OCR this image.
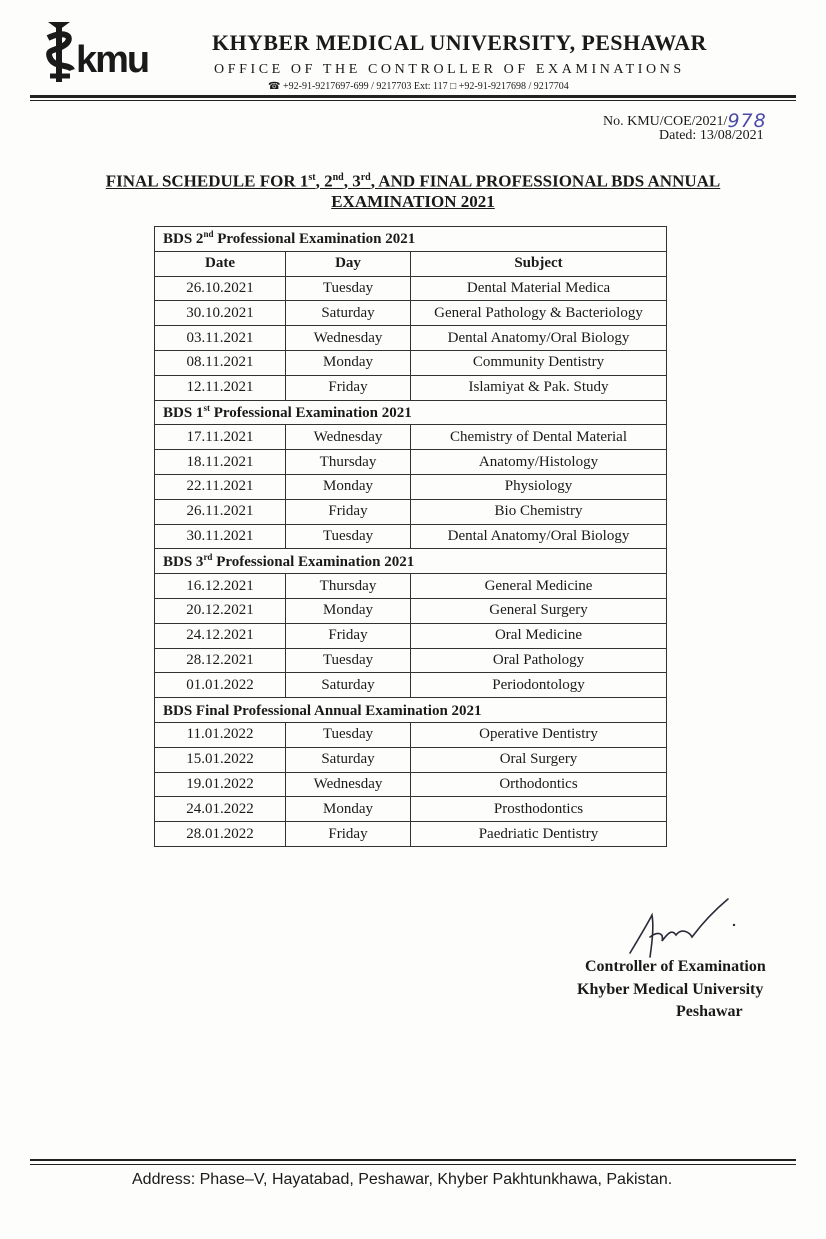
kmu	KHYBER MEDICAL UNIVERSITY, PESHAWAR
OFFICE OF THE CONTROLLER OF EXAMINATIONS
☎ +92-91-9217697-699 / 9217703 Ext: 117 □ +92-91-9217698 / 9217704
No. KMU/COE/2021/978
Dated: 13/08/2021
FINAL SCHEDULE FOR 1st, 2nd, 3rd, AND FINAL PROFESSIONAL BDS ANNUAL
EXAMINATION 2021
BDS 2nd Professional Examination 2021		
Date	Day	Subject
26.10.2021	Tuesday	Dental Material Medica
30.10.2021	Saturday	General Pathology & Bacteriology
03.11.2021	Wednesday	Dental Anatomy/Oral Biology
08.11.2021	Monday	Community Dentistry
12.11.2021	Friday	Islamiyat & Pak. Study
BDS 1st Professional Examination 2021		
17.11.2021	Wednesday	Chemistry of Dental Material
18.11.2021	Thursday	Anatomy/Histology
22.11.2021	Monday	Physiology
26.11.2021	Friday	Bio Chemistry
30.11.2021	Tuesday	Dental Anatomy/Oral Biology
BDS 3rd Professional Examination 2021		
16.12.2021	Thursday	General Medicine
20.12.2021	Monday	General Surgery
24.12.2021	Friday	Oral Medicine
28.12.2021	Tuesday	Oral Pathology
01.01.2022	Saturday	Periodontology
BDS Final Professional Annual Examination 2021		
11.01.2022	Tuesday	Operative Dentistry
15.01.2022	Saturday	Oral Surgery
19.01.2022	Wednesday	Orthodontics
24.01.2022	Monday	Prosthodontics
28.01.2022	Friday	Paedriatic Dentistry
Controller of Examination
Khyber Medical University
Peshawar
Address: Phase–V, Hayatabad, Peshawar, Khyber Pakhtunkhawa, Pakistan.
